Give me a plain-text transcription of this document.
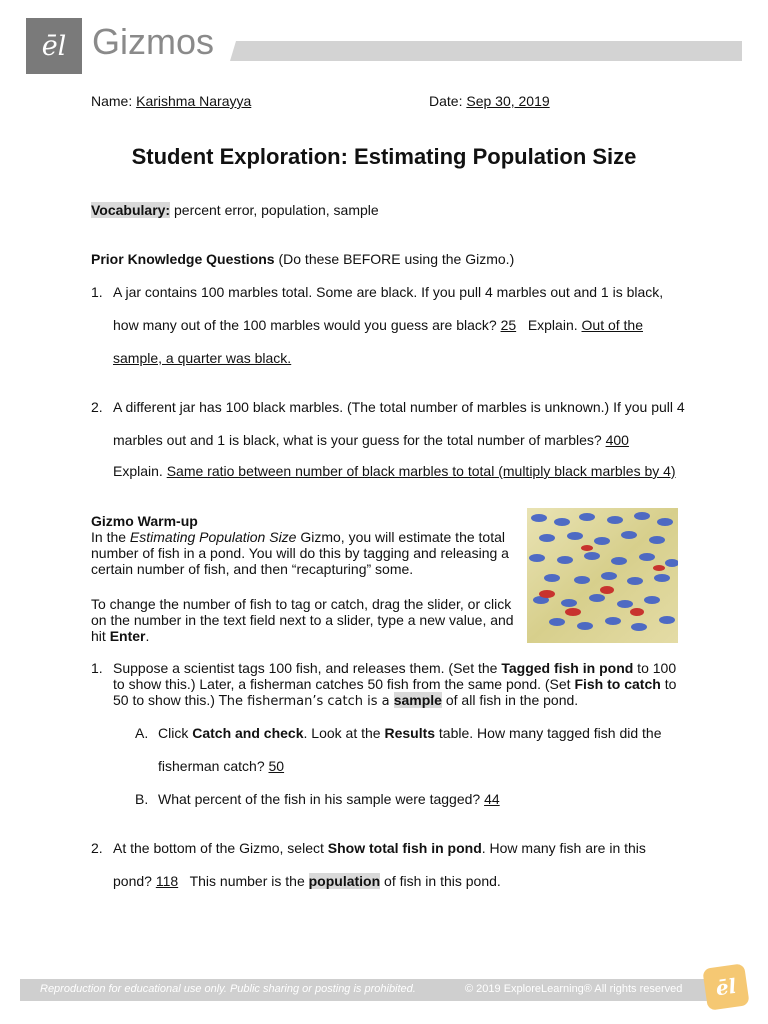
ēl Gizmos
Name: Karishma Narayya	Date: Sep 30, 2019
Student Exploration: Estimating Population Size
Vocabulary: percent error, population, sample
Prior Knowledge Questions (Do these BEFORE using the Gizmo.)
1. A jar contains 100 marbles total. Some are black. If you pull 4 marbles out and 1 is black,
how many out of the 100 marbles would you guess are black? 25 Explain. Out of the
sample, a quarter was black.
2. A different jar has 100 black marbles. (The total number of marbles is unknown.) If you pull 4
marbles out and 1 is black, what is your guess for the total number of marbles? 400
Explain. Same ratio between number of black marbles to total (multiply black marbles by 4)
Gizmo Warm-up
In the Estimating Population Size Gizmo, you will estimate the total
number of fish in a pond. You will do this by tagging and releasing a
certain number of fish, and then “recapturing” some.
To change the number of fish to tag or catch, drag the slider, or click
on the number in the text field next to a slider, type a new value, and
hit Enter.
1. Suppose a scientist tags 100 fish, and releases them. (Set the Tagged fish in pond to 100
to show this.) Later, a fisherman catches 50 fish from the same pond. (Set Fish to catch to
50 to show this.) The fisherman’s catch is a sample of all fish in the pond.
A. Click Catch and check. Look at the Results table. How many tagged fish did the
fisherman catch? 50
B. What percent of the fish in his sample were tagged? 44
2. At the bottom of the Gizmo, select Show total fish in pond. How many fish are in this
pond? 118   This number is the population of fish in this pond.
Reproduction for educational use only. Public sharing or posting is prohibited.	© 2019 ExploreLearning® All rights reserved ēl
